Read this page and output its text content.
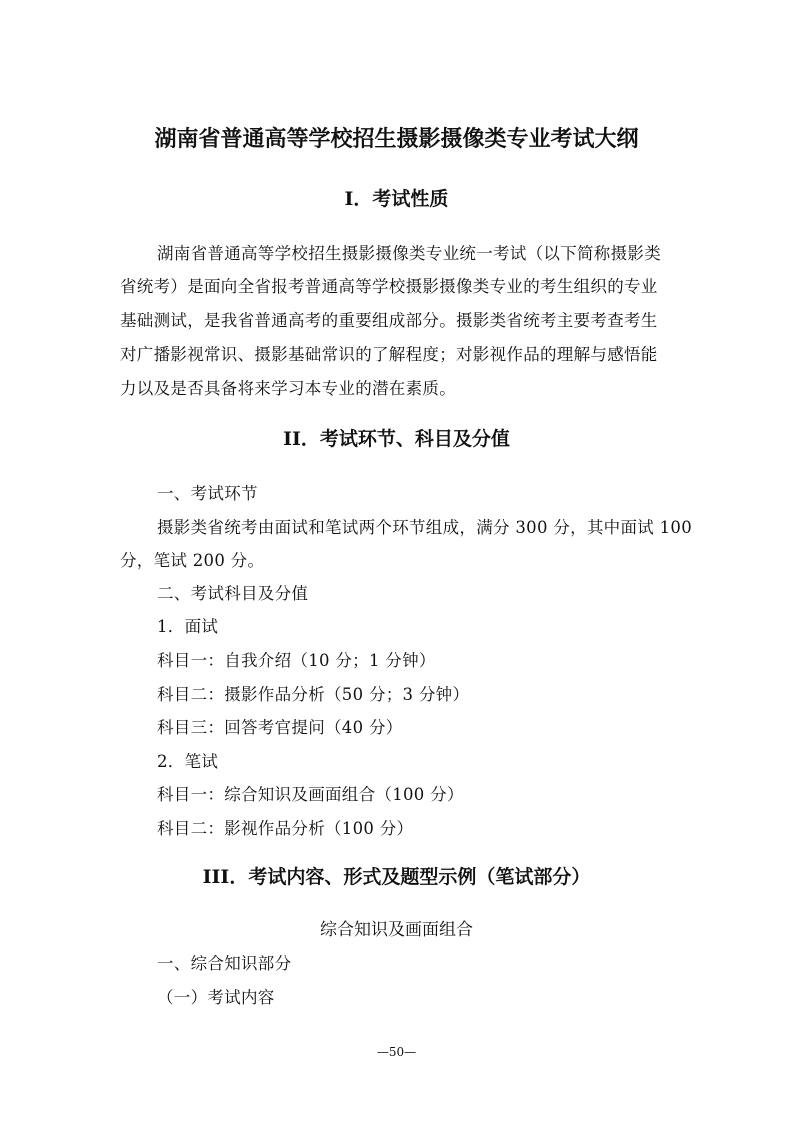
湖南省普通高等学校招生摄影摄像类专业考试大纲
I．考试性质
湖南省普通高等学校招生摄影摄像类专业统一考试（以下简称摄影类
省统考）是面向全省报考普通高等学校摄影摄像类专业的考生组织的专业
基础测试，是我省普通高考的重要组成部分。摄影类省统考主要考查考生
对广播影视常识、摄影基础常识的了解程度；对影视作品的理解与感悟能
力以及是否具备将来学习本专业的潜在素质。
II．考试环节、科目及分值
一、考试环节
摄影类省统考由面试和笔试两个环节组成，满分 300 分，其中面试 100
分，笔试 200 分。
二、考试科目及分值
1．面试
科目一：自我介绍（10 分；1 分钟）
科目二：摄影作品分析（50 分；3 分钟）
科目三：回答考官提问（40 分）
2．笔试
科目一：综合知识及画面组合（100 分）
科目二：影视作品分析（100 分）
III．考试内容、形式及题型示例（笔试部分）
综合知识及画面组合
一、综合知识部分
（一）考试内容
—50—
